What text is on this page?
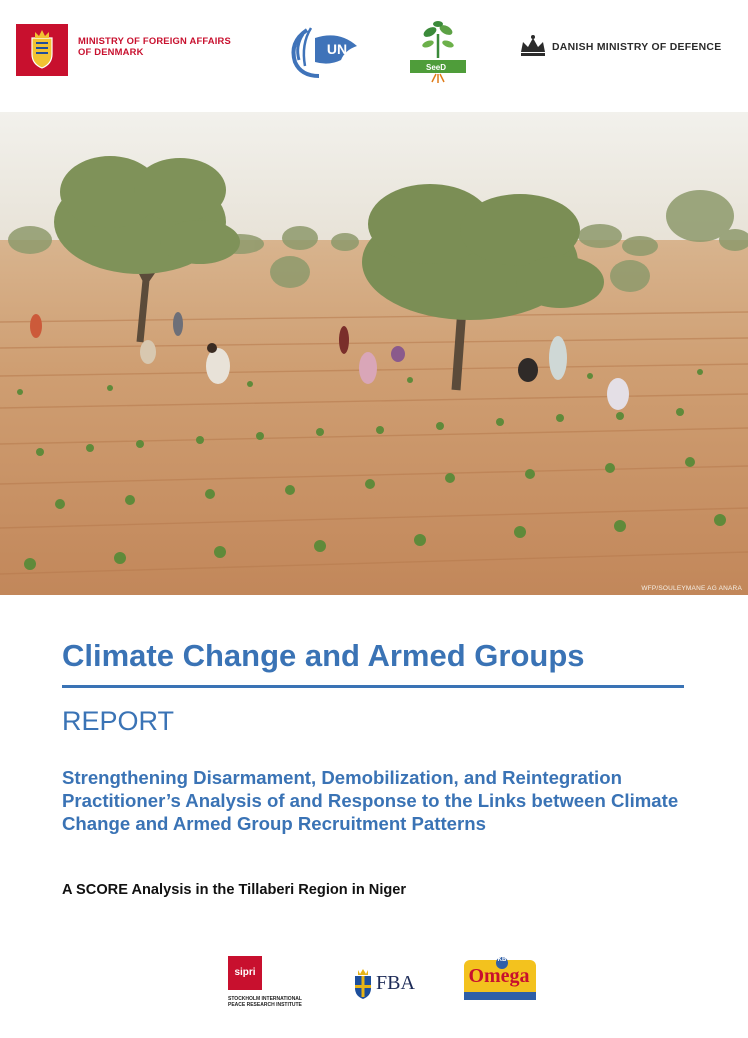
MINISTRY OF FOREIGN AFFAIRS
OF DENMARK	UN
SeeD
DANISH MINISTRY OF DEFENCE
WFP/SOULEYMANE AG ANARA
Climate Change and Armed Groups
REPORT
Strengthening Disarmament, Demobilization, and Reintegration Practitioner’s Analysis of and Response to the Links between Climate Change and Armed Group Recruitment Patterns
A SCORE Analysis in the Tillaberi Region in Niger
sipri
STOCKHOLM INTERNATIONAL
PEACE RESEARCH INSTITUTE
FBA	Omega
KB
